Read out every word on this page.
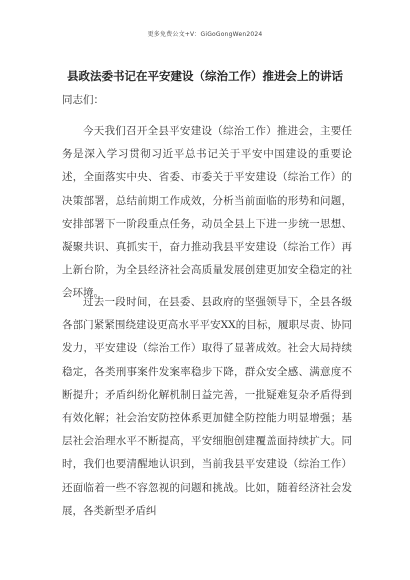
更多免费公文+V：GiGoGongWen2024
县政法委书记在平安建设（综治工作）推进会上的讲话
同志们：

今天我们召开全县平安建设（综治工作）推进会，主要任务是深入学习贯彻习近平总书记关于平安中国建设的重要论述，全面落实中央、省委、市委关于平安建设（综治工作）的决策部署，总结前期工作成效，分析当前面临的形势和问题，安排部署下一阶段重点任务，动员全县上下进一步统一思想、凝聚共识、真抓实干，奋力推动我县平安建设（综治工作）再上新台阶，为全县经济社会高质量发展创建更加安全稳定的社会环境。

过去一段时间，在县委、县政府的坚强领导下，全县各级各部门紧紧围绕建设更高水平平安XX的目标，履职尽责、协同发力，平安建设（综治工作）取得了显著成效。社会大局持续稳定，各类刑事案件发案率稳步下降，群众安全感、满意度不断提升；矛盾纠纷化解机制日益完善，一批疑难复杂矛盾得到有效化解；社会治安防控体系更加健全防控能力明显增强；基层社会治理水平不断提高，平安细胞创建覆盖面持续扩大。同时，我们也要清醒地认识到，当前我县平安建设（综治工作）还面临着一些不容忽视的问题和挑战。比如，随着经济社会发展，各类新型矛盾纠
